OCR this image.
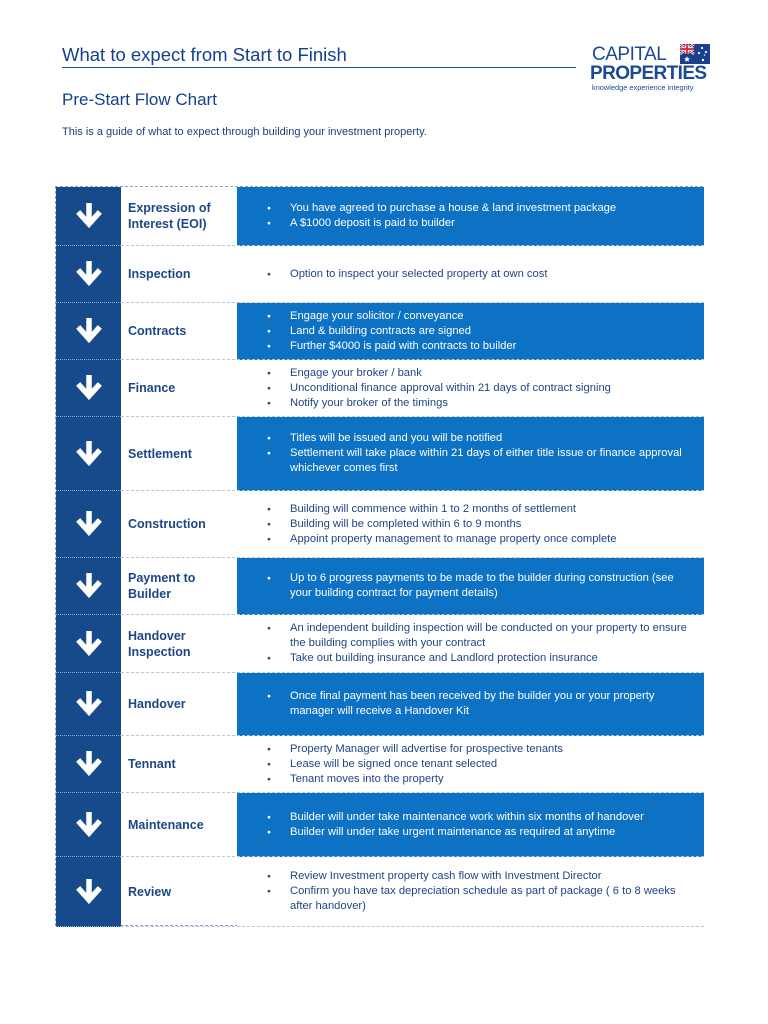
What to expect from Start to Finish	CAPITAL
PROPERTIES
knowledge experience integrity
Pre-Start Flow Chart
This is a guide of what to expect through building your investment property.
Expression of Interest (EOI)
● You have agreed to purchase a house & land investment package
● A $1000 deposit is paid to builder
Inspection
●	Option to inspect your selected property at own cost
Contracts
● Engage your solicitor / conveyance
● Land & building contracts are signed
● Further $4000 is paid with contracts to builder
Finance
● Engage your broker / bank
● Unconditional finance approval within 21 days of contract signing
● Notify your broker of the timings
Settlement
● Titles will be issued and you will be notified
● Settlement will take place within 21 days of either title issue or finance approval whichever comes first
Construction
● Building will commence within 1 to 2 months of settlement
● Building will be completed within 6 to 9 months
● Appoint property management to manage property once complete
Payment to Builder
● Up to 6 progress payments to be made to the builder during construction (see your building contract for payment details)
Handover Inspection
● An independent building inspection will be conducted on your property to ensure the building complies with your contract
● Take out building insurance and Landlord protection insurance
Handover
● Once final payment has been received by the builder you or your property manager will receive a Handover Kit
Tennant
● Property Manager will advertise for prospective tenants
● Lease will be signed once tenant selected
● Tenant moves into the property
Maintenance
● Builder will under take maintenance work within six months of handover
● Builder will under take urgent maintenance as required at anytime
Review
● Review Investment property cash flow with Investment Director
● Confirm you have tax depreciation schedule as part of package ( 6 to 8 weeks after handover)
